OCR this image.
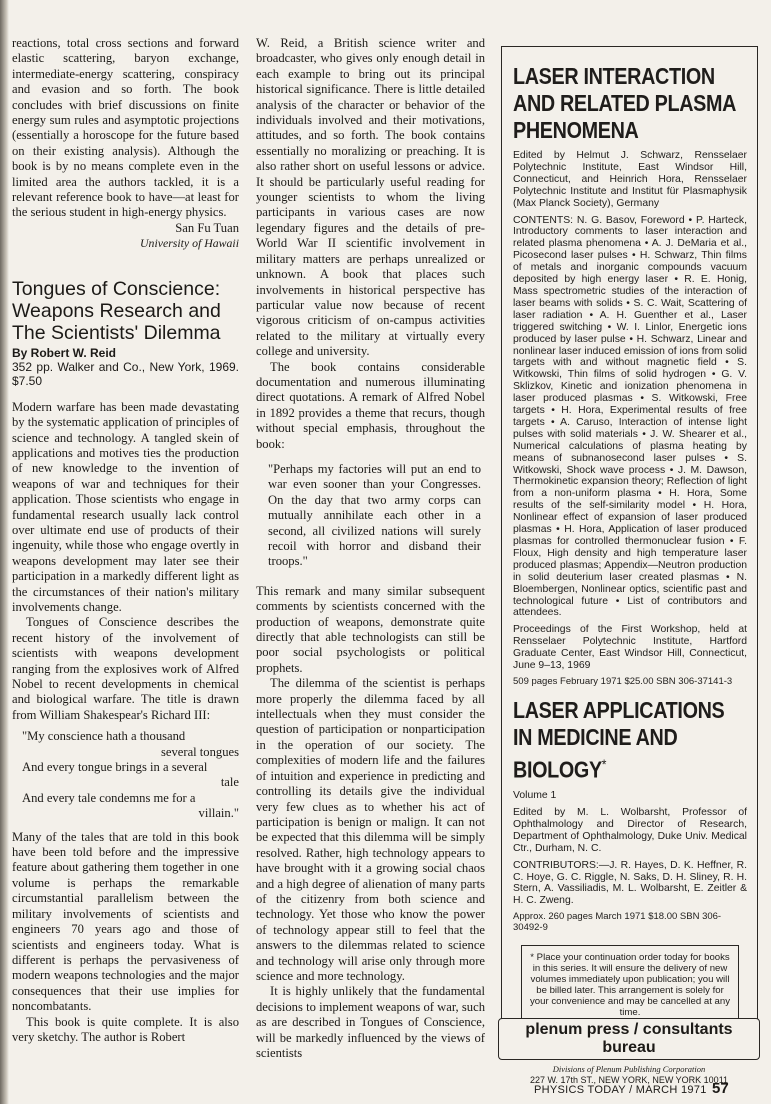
reactions, total cross sections and forward elastic scattering, baryon exchange, intermediate-energy scattering, conspiracy and evasion and so forth. The book concludes with brief discussions on finite energy sum rules and asymptotic projections (essentially a horoscope for the future based on their existing analysis). Although the book is by no means complete even in the limited area the authors tackled, it is a relevant reference book to have—at least for the serious student in high-energy physics.

San Fu Tuan

University of Hawaii

Tongues of Conscience: Weapons Research and The Scientists' Dilemma

By Robert W. Reid

352 pp. Walker and Co., New York, 1969. $7.50

Modern warfare has been made devastating by the systematic application of principles of science and technology. A tangled skein of applications and motives ties the production of new knowledge to the invention of weapons of war and techniques for their application. Those scientists who engage in fundamental research usually lack control over ultimate end use of products of their ingenuity, while those who engage overtly in weapons development may later see their participation in a markedly different light as the circumstances of their nation's military involvements change.

Tongues of Conscience describes the recent history of the involvement of scientists with weapons development ranging from the explosives work of Alfred Nobel to recent developments in chemical and biological warfare. The title is drawn from William Shakespear's Richard III:

"My conscience hath a thousand
several tongues
And every tongue brings in a several
tale
And every tale condemns me for a
villain."

Many of the tales that are told in this book have been told before and the impressive feature about gathering them together in one volume is perhaps the remarkable circumstantial parallelism between the military involvements of scientists and engineers 70 years ago and those of scientists and engineers today. What is different is perhaps the pervasiveness of modern weapons technologies and the major consequences that their use implies for noncombatants.

This book is quite complete. It is also very sketchy. The author is Robert

W. Reid, a British science writer and broadcaster, who gives only enough detail in each example to bring out its principal historical significance. There is little detailed analysis of the character or behavior of the individuals involved and their motivations, attitudes, and so forth. The book contains essentially no moralizing or preaching. It is also rather short on useful lessons or advice. It should be particularly useful reading for younger scientists to whom the living participants in various cases are now legendary figures and the details of pre-World War II scientific involvement in military matters are perhaps unrealized or unknown. A book that places such involvements in historical perspective has particular value now because of recent vigorous criticism of on-campus activities related to the military at virtually every college and university.

The book contains considerable documentation and numerous illuminating direct quotations. A remark of Alfred Nobel in 1892 provides a theme that recurs, though without special emphasis, throughout the book:

"Perhaps my factories will put an end to war even sooner than your Congresses. On the day that two army corps can mutually annihilate each other in a second, all civilized nations will surely recoil with horror and disband their troops."

This remark and many similar subsequent comments by scientists concerned with the production of weapons, demonstrate quite directly that able technologists can still be poor social psychologists or political prophets.

The dilemma of the scientist is perhaps more properly the dilemma faced by all intellectuals when they must consider the question of participation or nonparticipation in the operation of our society. The complexities of modern life and the failures of intuition and experience in predicting and controlling its details give the individual very few clues as to whether his act of participation is benign or malign. It can not be expected that this dilemma will be simply resolved. Rather, high technology appears to have brought with it a growing social chaos and a high degree of alienation of many parts of the citizenry from both science and technology. Yet those who know the power of technology appear still to feel that the answers to the dilemmas related to science and technology will arise only through more science and more technology.

It is highly unlikely that the fundamental decisions to implement weapons of war, such as are described in Tongues of Conscience, will be markedly influenced by the views of scientists

LASER INTERACTION AND RELATED PLASMA PHENOMENA

Edited by Helmut J. Schwarz, Rensselaer Polytechnic Institute, East Windsor Hill, Connecticut, and Heinrich Hora, Rensselaer Polytechnic Institute and Institut für Plasmaphysik (Max Planck Society), Germany

CONTENTS: N. G. Basov, Foreword • P. Harteck, Introductory comments to laser interaction and related plasma phenomena • A. J. DeMaria et al., Picosecond laser pulses • H. Schwarz, Thin films of metals and inorganic compounds vacuum deposited by high energy laser • R. E. Honig, Mass spectrometric studies of the interaction of laser beams with solids • S. C. Wait, Scattering of laser radiation • A. H. Guenther et al., Laser triggered switching • W. I. Linlor, Energetic ions produced by laser pulse • H. Schwarz, Linear and nonlinear laser induced emission of ions from solid targets with and without magnetic field • S. Witkowski, Thin films of solid hydrogen • G. V. Sklizkov, Kinetic and ionization phenomena in laser produced plasmas • S. Witkowski, Free targets • H. Hora, Experimental results of free targets • A. Caruso, Interaction of intense light pulses with solid materials • J. W. Shearer et al., Numerical calculations of plasma heating by means of subnanosecond laser pulses • S. Witkowski, Shock wave process • J. M. Dawson, Thermokinetic expansion theory; Reflection of light from a non-uniform plasma • H. Hora, Some results of the self-similarity model • H. Hora, Nonlinear effect of expansion of laser produced plasmas • H. Hora, Application of laser produced plasmas for controlled thermonuclear fusion • F. Floux, High density and high temperature laser produced plasmas; Appendix—Neutron production in solid deuterium laser created plasmas • N. Bloembergen, Nonlinear optics, scientific past and technological future • List of contributors and attendees.

Proceedings of the First Workshop, held at Rensselaer Polytechnic Institute, Hartford Graduate Center, East Windsor Hill, Connecticut, June 9–13, 1969

509 pages February 1971 $25.00 SBN 306-37141-3

LASER APPLICATIONS IN MEDICINE AND BIOLOGY*

Volume 1

Edited by M. L. Wolbarsht, Professor of Ophthalmology and Director of Research, Department of Ophthalmology, Duke Univ. Medical Ctr., Durham, N. C.

CONTRIBUTORS:—J. R. Hayes, D. K. Heffner, R. C. Hoye, G. C. Riggle, N. Saks, D. H. Sliney, R. H. Stern, A. Vassiliadis, M. L. Wolbarsht, E. Zeitler & H. C. Zweng.

Approx. 260 pages March 1971 $18.00 SBN 306-30492-9

* Place your continuation order today for books in this series. It will ensure the delivery of new volumes immediately upon publication; you will be billed later. This arrangement is solely for your convenience and may be cancelled at any time.
plenum press / consultants bureau
Divisions of Plenum Publishing Corporation
227 W. 17th ST., NEW YORK, NEW YORK 10011
PHYSICS TODAY / MARCH 1971 57
